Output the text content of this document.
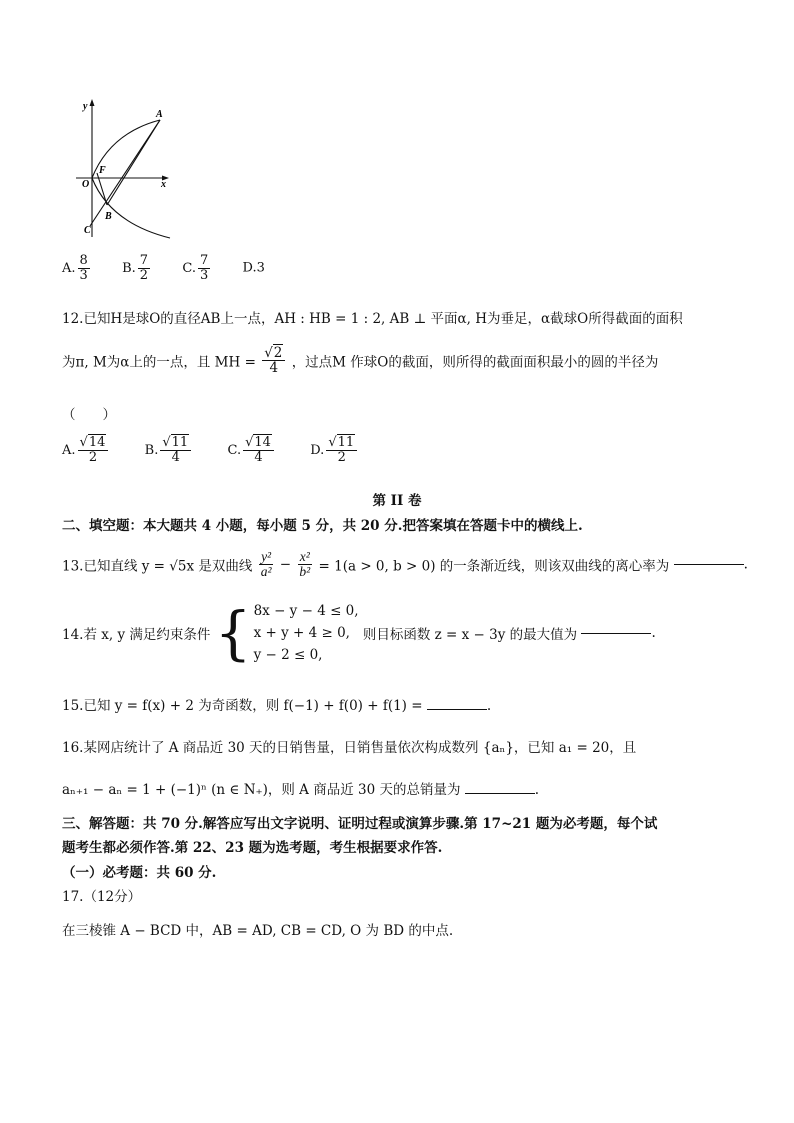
y
A
F
O	x
B
C
A. $\frac{8}{3} B$. $\frac{7}{2} C$. $\frac{7}{3} D.3$
12.已知H是球O的直径AB上一点，AH : HB = 1 : 2, AB ⊥ 平面α, H为垂足，α截球O所得截面的面积
为π, M为α上的一点，且 MH = $\frac{√2}{4}$ ，过点M 作球O的截面，则所得的截面面积最小的圆的半径为
（　　）
A. $\frac{√14}{2}$	B. $\frac{√11}{4}$	C. $\frac{√14}{4}$	D. $\frac{√11}{2}$
第 II 卷
二、填空题：本大题共 4 小题，每小题 5 分，共 20 分.把答案填在答题卡中的横线上.
13.已知直线 y = √5x 是双曲线 $\frac{\text{y²}}{\text{a²}} - \frac{\text{x²}}{\text{b²}} = 1(a > 0$, b > 0) 的一条渐近线，则该双曲线的离心率为	.
14.若 x, y 满足约束条件 { 8x − y − 4 ≤ 0,
x + y + 4 ≥ 0,
y − 2 ≤ 0,
则目标函数 z = x − 3y 的最大值为	.
15.已知 y = f(x) + 2 为奇函数，则 f(−1) + f(0) + f(1) =	.
16.某网店统计了 A 商品近 30 天的日销售量，日销售量依次构成数列 {aₙ}，已知 a₁ = 20，且
aₙ₊₁ − aₙ = 1 + (−1)ⁿ (n ∈ N₊)，则 A 商品近 30 天的总销量为	.
三、解答题：共 70 分.解答应写出文字说明、证明过程或演算步骤.第 17~21 题为必考题，每个试
题考生都必须作答.第 22、23 题为选考题，考生根据要求作答.
（一）必考题：共 60 分.
17.（12分）
在三棱锥 A − BCD 中，AB = AD, CB = CD, O 为 BD 的中点.
